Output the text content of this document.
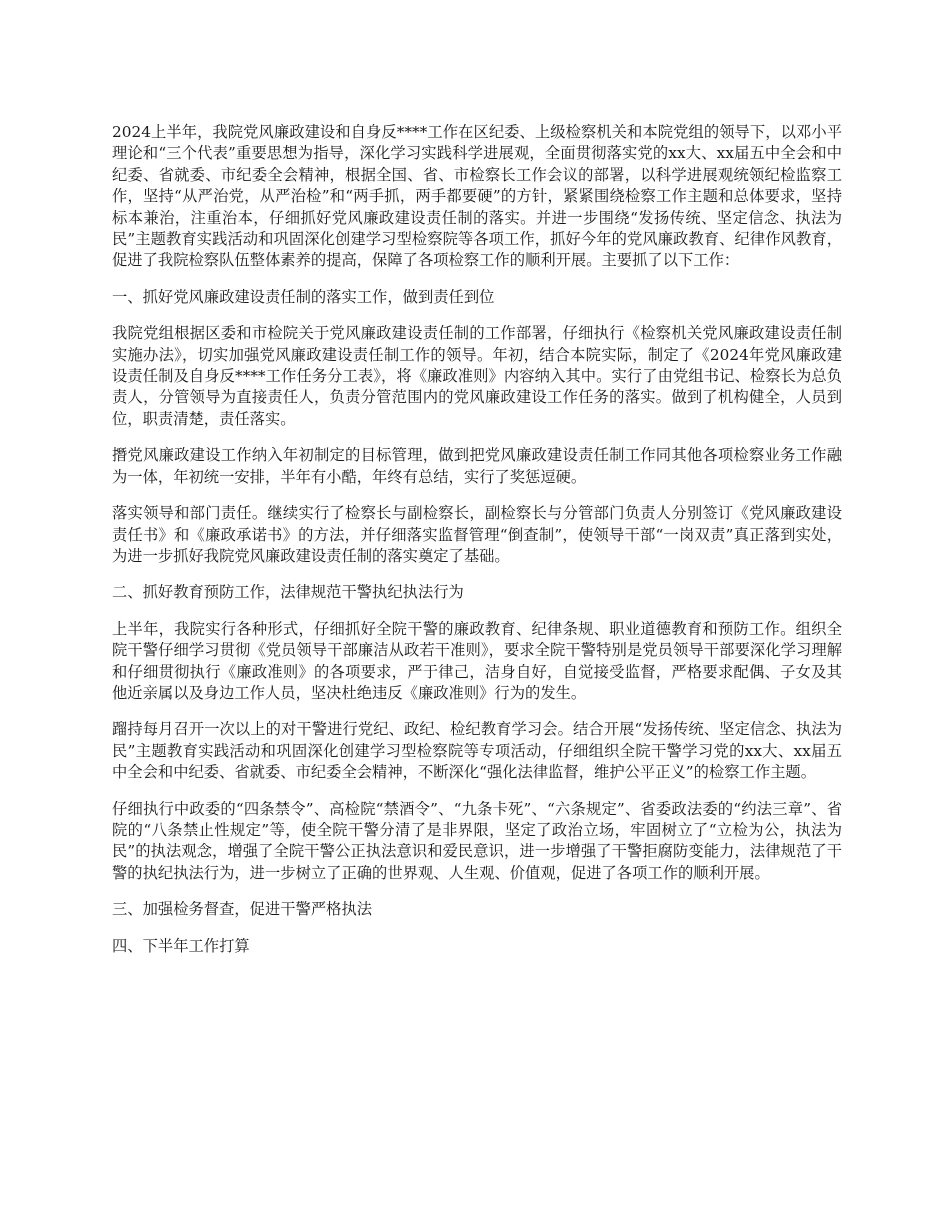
2024上半年，我院党风廉政建设和自身反****工作在区纪委、上级检察机关和本院党组的领导下，以邓小平理论和“三个代表”重要思想为指导，深化学习实践科学进展观，全面贯彻落实党的xx大、xx届五中全会和中纪委、省就委、市纪委全会精神，根据全国、省、市检察长工作会议的部署，以科学进展观统领纪检监察工作，坚持“从严治党，从严治检”和“两手抓，两手都要硬”的方针，紧紧围绕检察工作主题和总体要求，坚持标本兼治，注重治本，仔细抓好党风廉政建设责任制的落实。并进一步围绕“发扬传统、坚定信念、执法为民”主题教育实践活动和巩固深化创建学习型检察院等各项工作，抓好今年的党风廉政教育、纪律作风教育，促进了我院检察队伍整体素养的提高，保障了各项检察工作的顺利开展。主要抓了以下工作：

一、抓好党风廉政建设责任制的落实工作，做到责任到位

我院党组根据区委和市检院关于党风廉政建设责任制的工作部署，仔细执行《检察机关党风廉政建设责任制实施办法》，切实加强党风廉政建设责任制工作的领导。年初，结合本院实际，制定了《2024年党风廉政建设责任制及自身反****工作任务分工表》，将《廉政准则》内容纳入其中。实行了由党组书记、检察长为总负责人，分管领导为直接责任人，负责分管范围内的党风廉政建设工作任务的落实。做到了机构健全，人员到位，职责清楚，责任落实。

撍党风廉政建设工作纳入年初制定的目标管理，做到把党风廉政建设责任制工作同其他各项检察业务工作融为一体，年初统一安排，半年有小酷，年终有总结，实行了奖惩逗硬。

落实领导和部门责任。继续实行了检察长与副检察长，副检察长与分管部门负责人分别签订《党风廉政建设责任书》和《廉政承诺书》的方法，并仔细落实监督管理“倒查制”，使领导干部“一岗双责”真正落到实处，为进一步抓好我院党风廉政建设责任制的落实奠定了基础。

二、抓好教育预防工作，法律规范干警执纪执法行为

上半年，我院实行各种形式，仔细抓好全院干警的廉政教育、纪律条规、职业道德教育和预防工作。组织全院干警仔细学习贯彻《党员领导干部廉洁从政若干准则》，要求全院干警特别是党员领导干部要深化学习理解和仔细贯彻执行《廉政准则》的各项要求，严于律己，洁身自好，自觉接受监督，严格要求配偶、子女及其他近亲属以及身边工作人员，坚决杜绝违反《廉政准则》行为的发生。

蹓持每月召开一次以上的对干警进行党纪、政纪、检纪教育学习会。结合开展“发扬传统、坚定信念、执法为民”主题教育实践活动和巩固深化创建学习型检察院等专项活动，仔细组织全院干警学习党的xx大、xx届五中全会和中纪委、省就委、市纪委全会精神，不断深化“强化法律监督，维护公平正义”的检察工作主题。

仔细执行中政委的“四条禁令”、高检院“禁酒令”、“九条卡死”、“六条规定”、省委政法委的“约法三章”、省院的“八条禁止性规定”等，使全院干警分清了是非界限，坚定了政治立场，牢固树立了“立检为公，执法为民”的执法观念，增强了全院干警公正执法意识和爱民意识，进一步增强了干警拒腐防变能力，法律规范了干警的执纪执法行为，进一步树立了正确的世界观、人生观、价值观，促进了各项工作的顺利开展。

三、加强检务督查，促进干警严格执法

四、下半年工作打算
